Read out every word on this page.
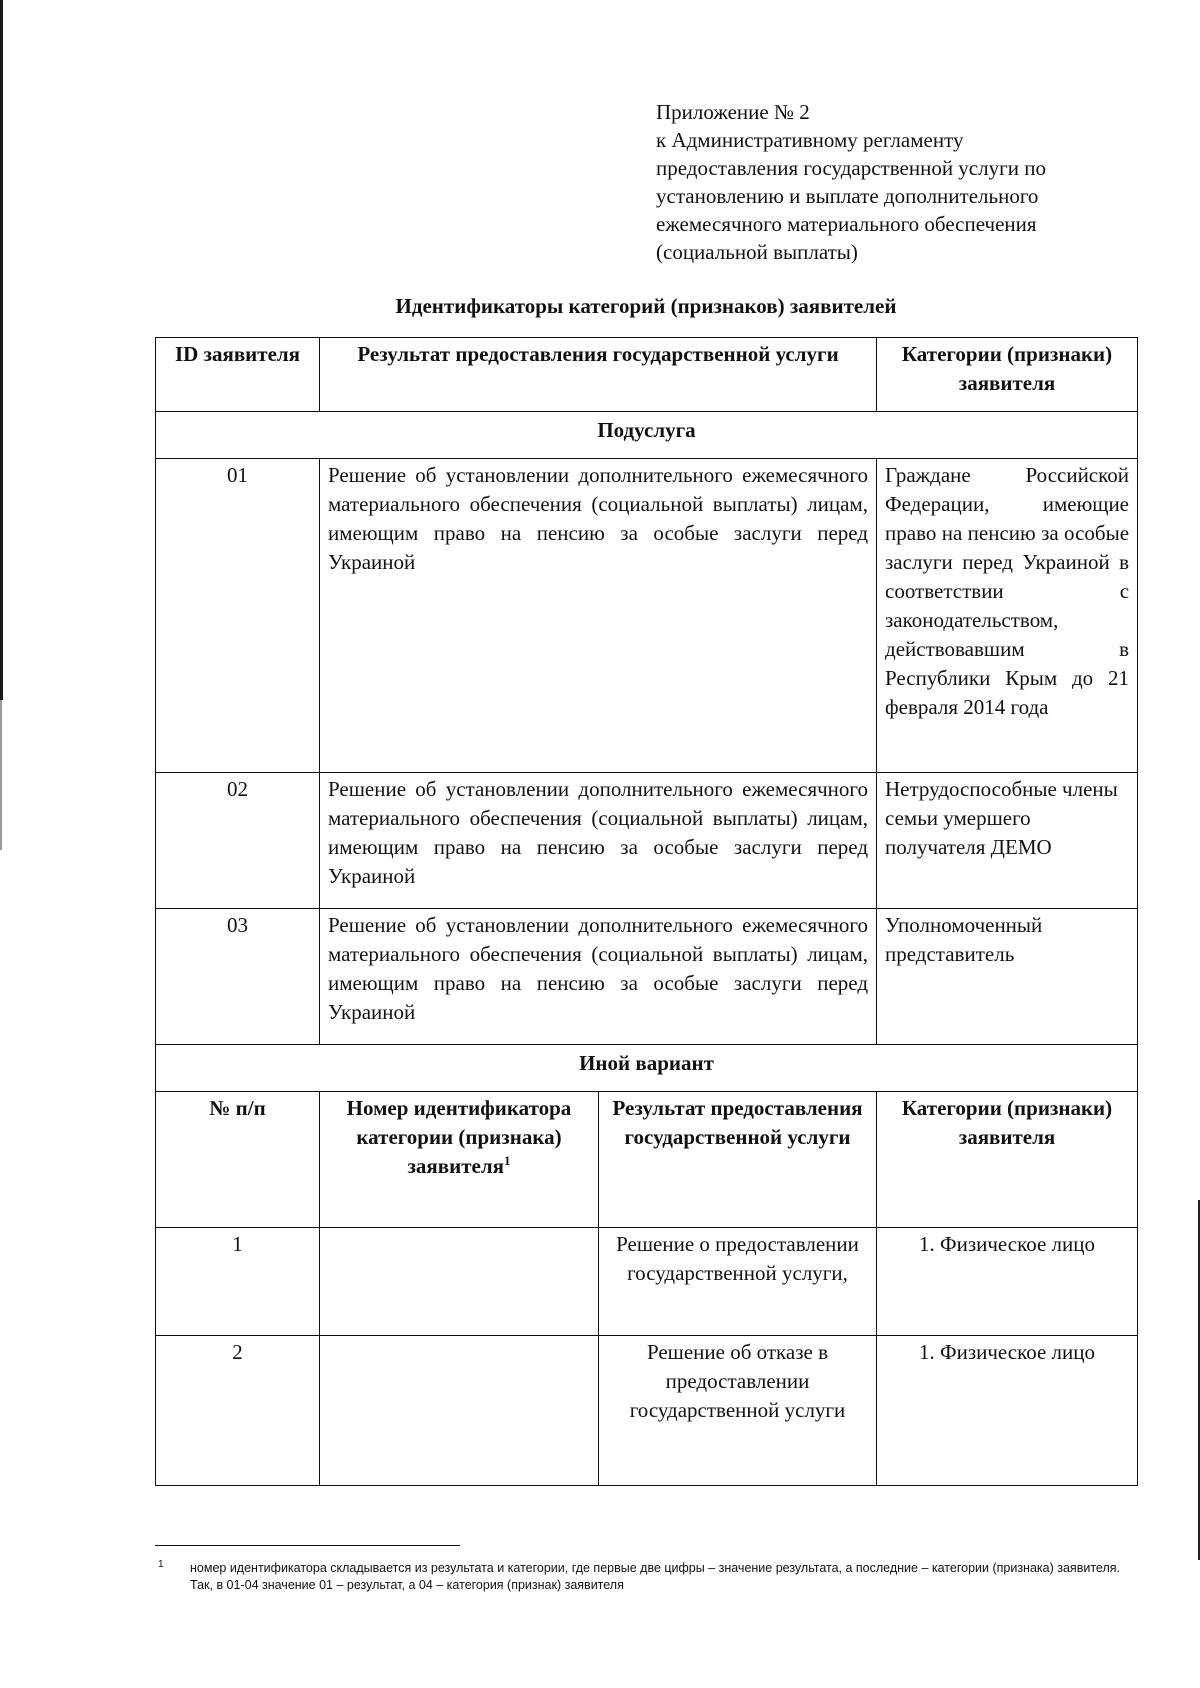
Приложение № 2
к Административному регламенту
предоставления государственной услуги по
установлению и выплате дополнительного
ежемесячного материального обеспечения
(социальной выплаты)
Идентификаторы категорий (признаков) заявителей
ID заявителя	Результат предоставления государственной услуги		Категории (признаки) заявителя
Подуслуга			
01	Решение об установлении дополнительного ежемесячного материального обеспечения (социальной выплаты) лицам, имеющим право на пенсию за особые заслуги перед Украиной		Граждане Российской Федерации, имеющие право на пенсию за особые заслуги перед Украиной в соответствии с законодательством, действовавшим в Республики Крым до 21 февраля 2014 года
02	Решение об установлении дополнительного ежемесячного материального обеспечения (социальной выплаты) лицам, имеющим право на пенсию за особые заслуги перед Украиной		Нетрудоспособные члены семьи умершего получателя ДЕМО
03	Решение об установлении дополнительного ежемесячного материального обеспечения (социальной выплаты) лицам, имеющим право на пенсию за особые заслуги перед Украиной		Уполномоченный представитель
Иной вариант			
№ п/п	Номер идентификатора категории (признака) заявителя$^1$	Результат предоставления государственной услуги	Категории (признаки) заявителя
1		Решение о предоставлении государственной услуги,	1. Физическое лицо
2		Решение об отказе в предоставлении государственной услуги	1. Физическое лицо
1	номер идентификатора складывается из результата и категории, где первые две цифры – значение результата, а последние – категории (признака) заявителя. Так, в 01-04 значение 01 – результат, а 04 – категория (признак) заявителя
